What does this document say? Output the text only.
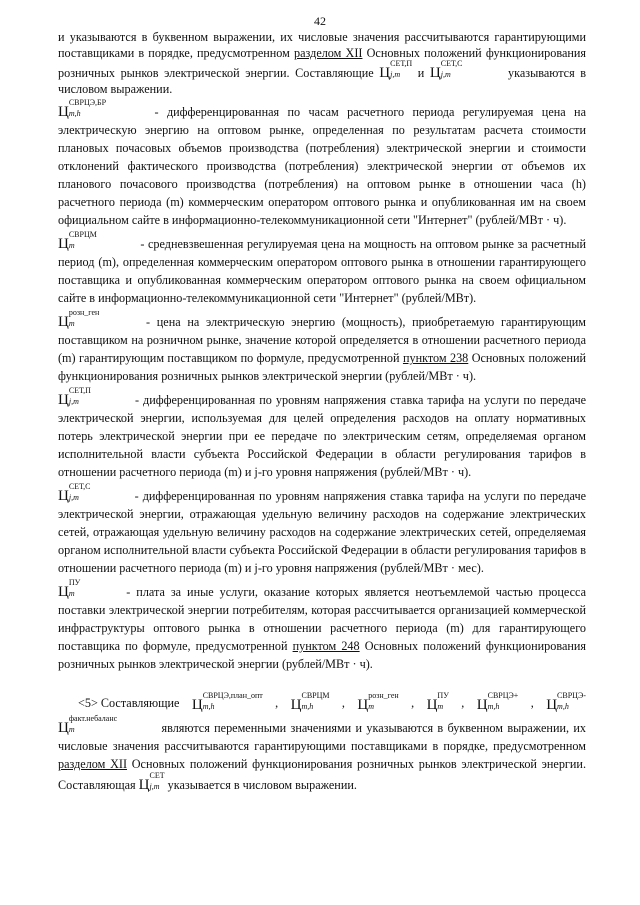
42

и указываются в буквенном выражении, их числовые значения рассчитываются гарантирующими поставщиками в порядке, предусмотренном разделом XII Основных положений функционирования розничных рынков электрической энергии. Составляющие Ц
СЕТ,П
j,m	и Ц
СЕТ,С
j,m	указываются в числовом выражении.

Ц
СВРЦЭ,БР
m,h	- дифференцированная по часам расчетного периода регулируемая цена на электрическую энергию на оптовом рынке, определенная по результатам расчета стоимости плановых почасовых объемов производства (потребления) электрической энергии и стоимости отклонений фактического производства (потребления) электрической энергии от объемов их планового почасового производства (потребления) на оптовом рынке в отношении часа (h) расчетного периода (m) коммерческим оператором оптового рынка и опубликованная им на своем официальном сайте в информационно-телекоммуникационной сети "Интернет" (рублей/МВт · ч).

Ц
СВРЦМ
m	- средневзвешенная регулируемая цена на мощность на оптовом рынке за расчетный период (m), определенная коммерческим оператором оптового рынка в отношении гарантирующего поставщика и опубликованная коммерческим оператором оптового рынка на своем официальном сайте в информационно-телекоммуникационной сети "Интернет" (рублей/МВт).

Ц
розн_ген
m	- цена на электрическую энергию (мощность), приобретаемую гарантирующим поставщиком на розничном рынке, значение которой определяется в отношении расчетного периода (m) гарантирующим поставщиком по формуле, предусмотренной пунктом 238 Основных положений функционирования розничных рынков электрической энергии (рублей/МВт · ч).

Ц
СЕТ,П
j,m	- дифференцированная по уровням напряжения ставка тарифа на услуги по передаче электрической энергии, используемая для целей определения расходов на оплату нормативных потерь электрической энергии при ее передаче по электрическим сетям, определяемая органом исполнительной власти субъекта Российской Федерации в области регулирования тарифов в отношении расчетного периода (m) и j-го уровня напряжения (рублей/МВт · ч).

Ц
СЕТ,С
j,m	- дифференцированная по уровням напряжения ставка тарифа на услуги по передаче электрической энергии, отражающая удельную величину расходов на содержание электрических сетей, отражающая удельную величину расходов на содержание электрических сетей, определяемая органом исполнительной власти субъекта Российской Федерации в области регулирования тарифов в отношении расчетного периода (m) и j-го уровня напряжения (рублей/МВт · мес).

Ц
ПУ
m	- плата за иные услуги, оказание которых является неотъемлемой частью процесса поставки электрической энергии потребителям, которая рассчитывается организацией коммерческой инфраструктуры оптового рынка в отношении расчетного периода (m) для гарантирующего поставщика по формуле, предусмотренной пунктом 248 Основных положений функционирования розничных рынков электрической энергии (рублей/МВт · ч).

<5> Составляющие Ц
СВРЦЭ,план_опт
m,h	, Ц
СВРЦМ
m,h	, Ц
розн_ген
m	, Ц
ПУ
m	, Ц
СВРЦЭ+
m,h	, Ц
СВРЦЭ-
m,h

Ц
факт.небаланс
m	являются переменными значениями и указываются в буквенном выражении, их числовые значения рассчитываются гарантирующими поставщиками в порядке, предусмотренном разделом XII Основных положений функционирования розничных рынков электрической энергии. Составляющая Ц
СЕТ
j,m указывается в числовом выражении.
